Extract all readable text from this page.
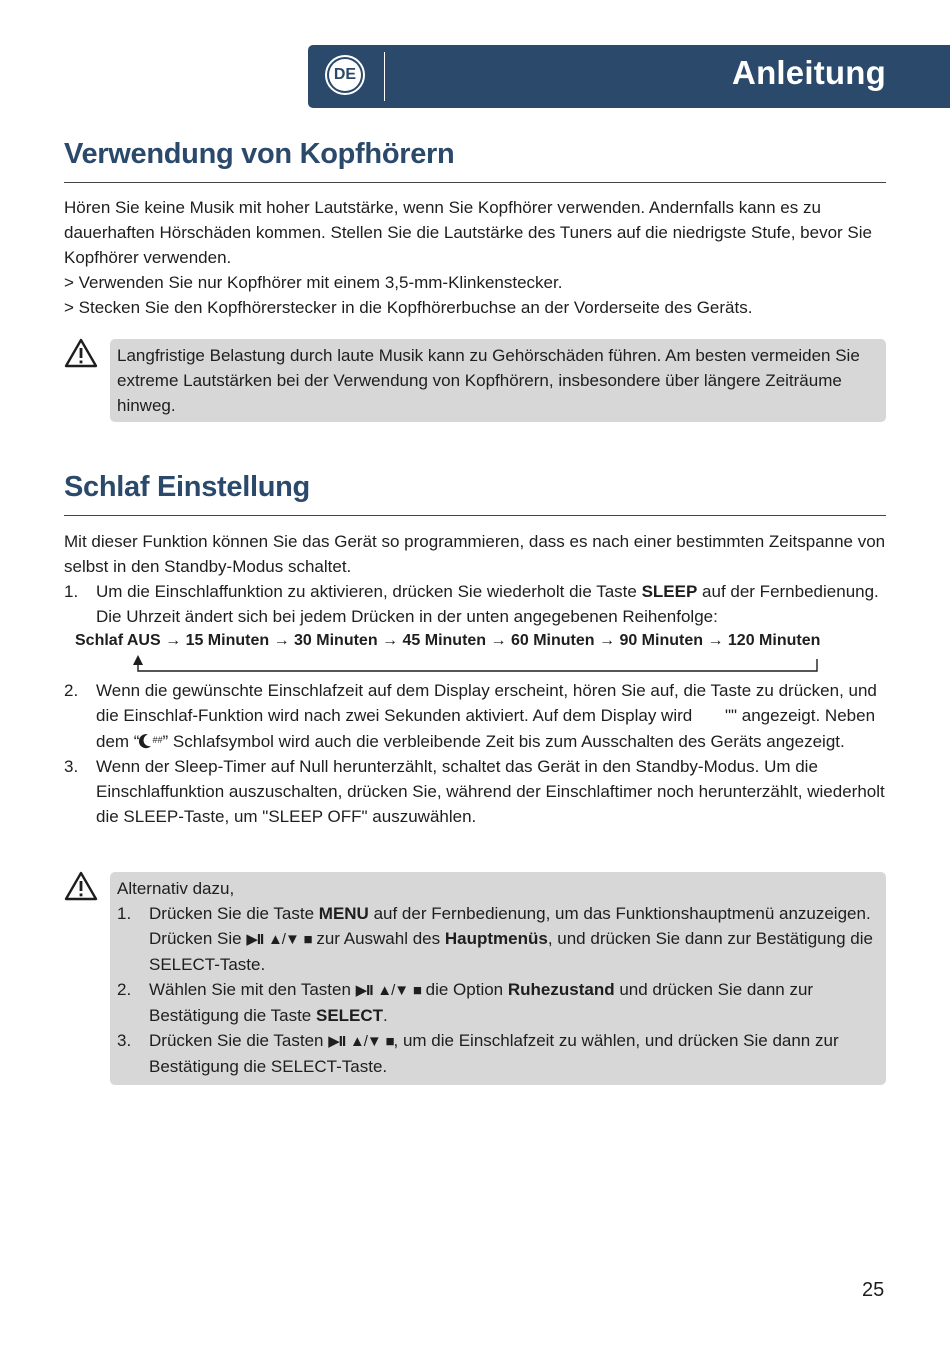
DE	Anleitung
Verwendung von Kopfhörern

Hören Sie keine Musik mit hoher Lautstärke, wenn Sie Kopfhörer verwenden. Andernfalls kann es zu dauerhaften Hörschäden kommen. Stellen Sie die Lautstärke des Tuners auf die niedrigste Stufe, bevor Sie Kopfhörer verwenden.

> Verwenden Sie nur Kopfhörer mit einem 3,5-mm-Klinkenstecker.

> Stecken Sie den Kopfhörerstecker in die Kopfhörerbuchse an der Vorderseite des Geräts.

Langfristige Belastung durch laute Musik kann zu Gehörschäden führen. Am besten vermeiden Sie extreme Lautstärken bei der Verwendung von Kopfhörern, insbesondere über längere Zeiträume hinweg.

Schlaf Einstellung

Mit dieser Funktion können Sie das Gerät so programmieren, dass es nach einer bestimmten Zeitspanne von selbst in den Standby-Modus schaltet.

1. Um die Einschlaffunktion zu aktivieren, drücken Sie wiederholt die Taste SLEEP auf der Fernbedienung. Die Uhrzeit ändert sich bei jedem Drücken in der unten angegebenen Reihenfolge:
Schlaf AUS → 15 Minuten → 30 Minuten → 45 Minuten → 60 Minuten → 90 Minuten → 120 Minuten
2. Wenn die gewünschte Einschlafzeit auf dem Display erscheint, hören Sie auf, die Taste zu drücken, und die Einschlaf-Funktion wird nach zwei Sekunden aktiviert. Auf dem Display wird "" angezeigt. Neben dem “ ##” Schlafsymbol wird auch die verbleibende Zeit bis zum Ausschalten des Geräts angezeigt.
3. Wenn der Sleep-Timer auf Null herunterzählt, schaltet das Gerät in den Standby-Modus. Um die Einschlaffunktion auszuschalten, drücken Sie, während der Einschlaftimer noch herunterzählt, wiederholt die SLEEP-Taste, um "SLEEP OFF" auszuwählen.

Alternativ dazu,

1. Drücken Sie die Taste MENU auf der Fernbedienung, um das Funktionshauptmenü anzuzeigen. Drücken Sie ▶II ▲/▼ ■ zur Auswahl des Hauptmenüs, und drücken Sie dann zur Bestätigung die SELECT-Taste.
2. Wählen Sie mit den Tasten ▶II ▲/▼ ■ die Option Ruhezustand und drücken Sie dann zur Bestätigung die Taste SELECT.
3. Drücken Sie die Tasten ▶II ▲/▼ ■, um die Einschlafzeit zu wählen, und drücken Sie dann zur Bestätigung die SELECT-Taste.
25
